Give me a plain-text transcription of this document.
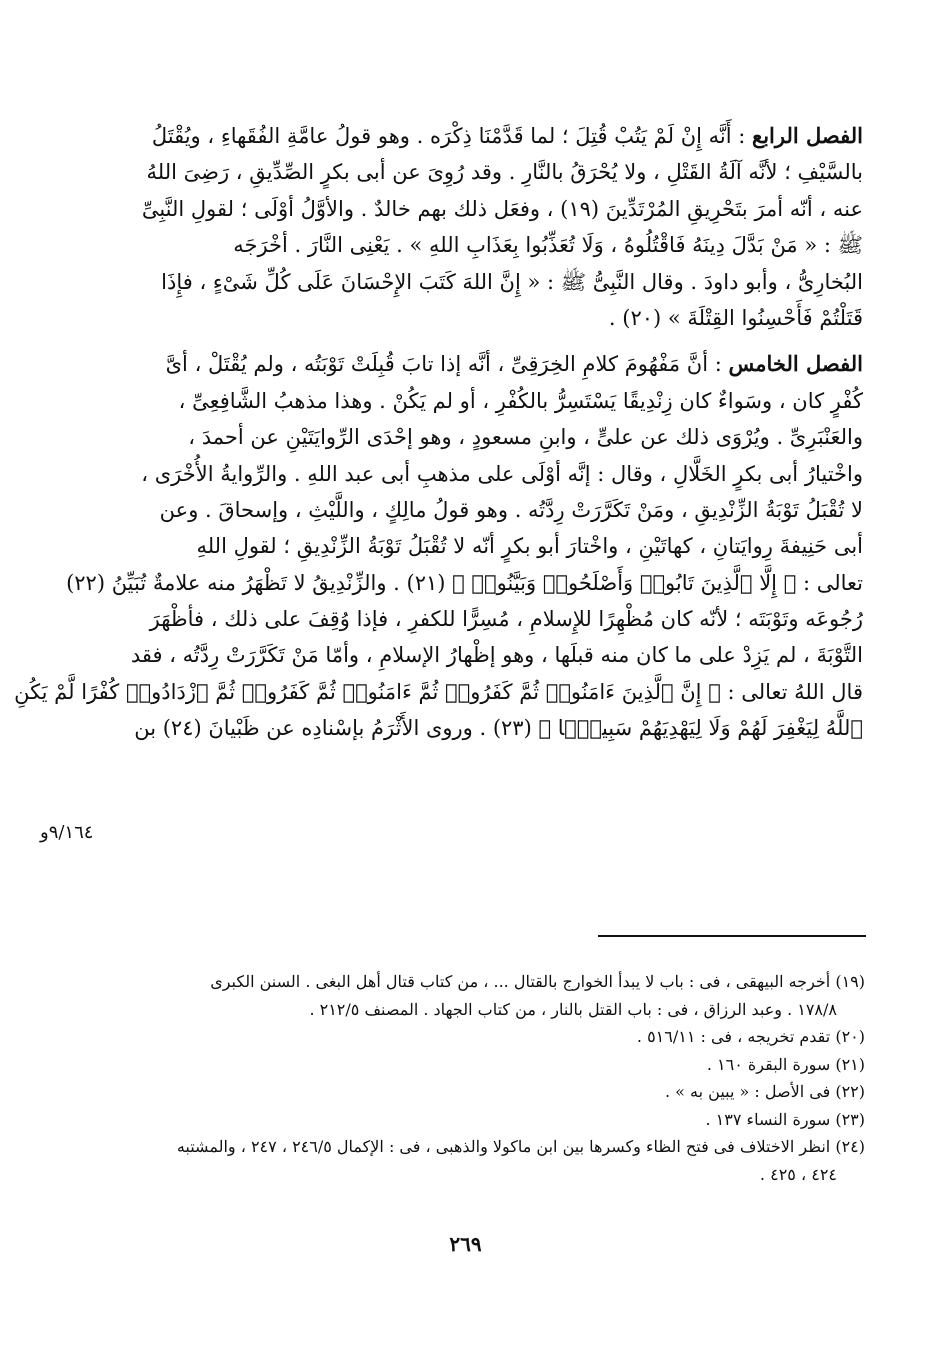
الفصل الرابع : أَنَّه إِنْ لَمْ يَتُبْ قُتِلَ ؛ لما قَدَّمْنَا ذِكْرَه . وهو قولُ عامَّةِ الفُقَهاءِ ، ويُقْتَلُ
بالسَّيْفِ ؛ لأنَّه آلَةُ القَتْلِ ، ولا يُحْرَقُ بالنَّارِ . وقد رُوِىَ عن أبى بكرٍ الصِّدِّيقِ ، رَضِىَ اللهُ
عنه ، أنّه أمرَ بتَحْرِيقِ المُرْتَدِّينَ (١٩) ، وفعَل ذلك بهم خالدٌ . والأوَّلُ أوْلَى ؛ لقولِ النَّبِىِّ
ﷺ : « مَنْ بَدَّلَ دِينَهُ فَاقْتُلُوهُ ، وَلَا تُعَذِّبُوا بِعَذَابِ اللهِ » . يَعْنِى النَّارَ . أخْرَجَه
البُخارِىُّ ، وأبو داودَ . وقال النَّبِىُّ ﷺ : « إِنَّ اللهَ كَتَبَ الإِحْسَانَ عَلَى كُلِّ شَىْءٍ ، فإِذَا
قَتَلْتُمْ فَأَحْسِنُوا القِتْلَةَ » (٢٠) .

الفصل الخامس : أنَّ مَفْهُومَ كلامِ الخِرَقِىِّ ، أنَّه إذا تابَ قُبِلَتْ تَوْبَتُه ، ولم يُقْتَلْ ، أىَّ
كُفْرٍ كان ، وسَواءٌ كان زِنْدِيقًا يَسْتَسِرُّ بالكُفْرِ ، أو لم يَكُنْ . وهذا مذهبُ الشَّافِعِىِّ ،
والعَنْبَرِىِّ . ويُرْوَى ذلك عن علىٍّ ، وابنِ مسعودٍ ، وهو إحْدَى الرِّوايَتَيْنِ عن أحمدَ ،
واخْتيارُ أبى بكرٍ الخَلَّالِ ، وقال : إنَّه أوْلَى على مذهبِ أبى عبد اللهِ . والرِّوايةُ الأُخْرَى ،
لا تُقْبَلُ تَوْبَةُ الزِّنْدِيقِ ، ومَنْ تَكَرَّرَتْ رِدَّتُه . وهو قولُ مالِكٍ ، واللَّيْثِ ، وإسحاقَ . وعن
أبى حَنِيفةَ رِوايَتانِ ، كهاتَيْنِ ، واخْتارَ أبو بكرٍ أنّه لا تُقْبَلُ تَوْبَةُ الزِّنْدِيقِ ؛ لقولِ اللهِ
تعالى : ﴿ إِلَّا ٱلَّذِينَ تَابُوا۟ وَأَصْلَحُوا۟ وَبَيَّنُوا۟ ﴾ (٢١) . والزِّنْدِيقُ لا تَظْهَرُ منه علامةٌ تُبَيِّنُ (٢٢)
رُجُوعَه وتَوْبَتَه ؛ لأنّه كان مُظْهِرًا للإِسلامِ ، مُسِرًّا للكفرِ ، فإذا وُقِفَ على ذلك ، فأظْهَرَ
التَّوْبَةَ ، لم يَزِدْ على ما كان منه قبلَها ، وهو إظْهارُ الإسلامِ ، وأمّا مَنْ تَكَرَّرَتْ رِدَّتُه ، فقد
قال اللهُ تعالى : ﴿ إِنَّ ٱلَّذِينَ ءَامَنُوا۟ ثُمَّ كَفَرُوا۟ ثُمَّ ءَامَنُوا۟ ثُمَّ كَفَرُوا۟ ثُمَّ ٱزْدَادُوا۟ كُفْرًا لَّمْ يَكُنِ
ٱللَّهُ لِيَغْفِرَ لَهُمْ وَلَا لِيَهْدِيَهُمْ سَبِيلًۢا ﴾ (٢٣) . وروى الأَثْرَمُ بإسْنادِه عن ظَبْيانَ (٢٤) بن

٩/١٦٤و
(١٩) أخرجه البيهقى ، فى : باب لا يبدأ الخوارج بالقتال ... ، من كتاب قتال أهل البغى . السنن الكبرى
١٧٨/٨ . وعبد الرزاق ، فى : باب القتل بالنار ، من كتاب الجهاد . المصنف ٢١٢/٥ .
(٢٠) تقدم تخريجه ، فى : ٥١٦/١١ .
(٢١) سورة البقرة ١٦٠ .
(٢٢) فى الأصل : « يبين به » .
(٢٣) سورة النساء ١٣٧ .
(٢٤) انظر الاختلاف فى فتح الظاء وكسرها بين ابن ماكولا والذهبى ، فى : الإكمال ٢٤٦/٥ ، ٢٤٧ ، والمشتبه
٤٢٤ ، ٤٢٥ .
٢٦٩
